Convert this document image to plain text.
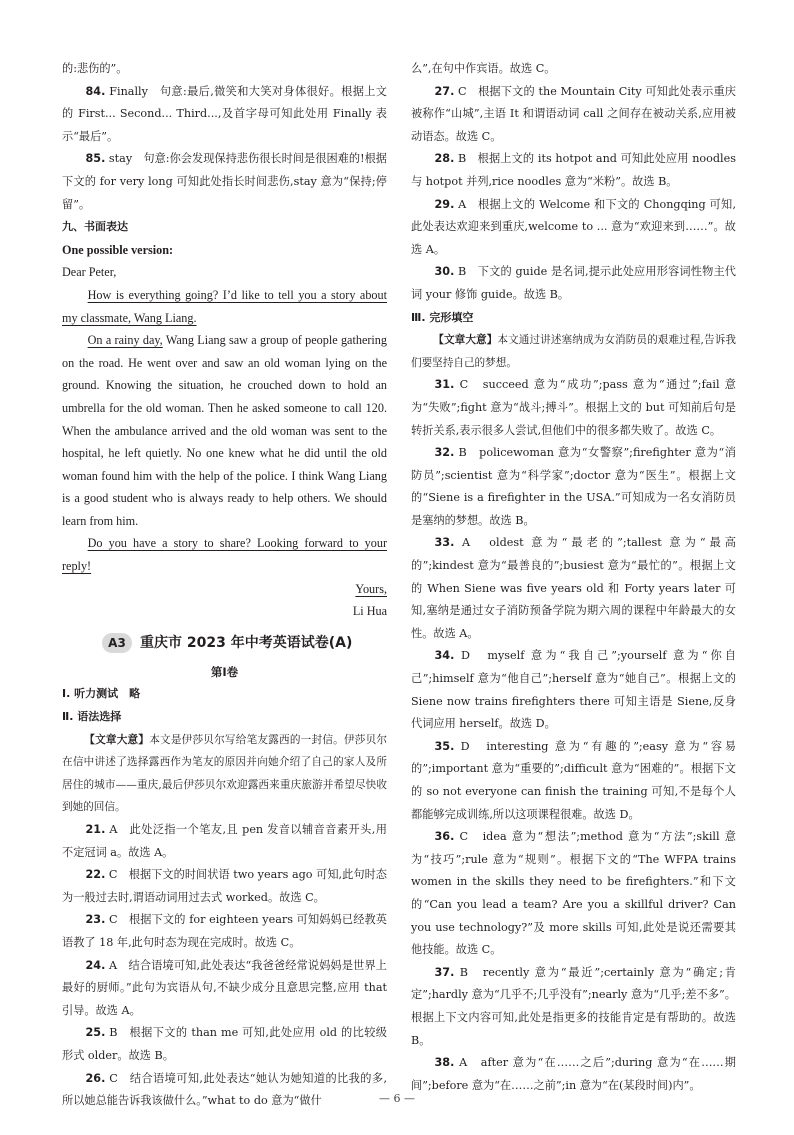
的:悲伤的”。

84. Finally　句意:最后,微笑和大笑对身体很好。根据上文的 First... Second... Third...,及首字母可知此处用 Finally 表示“最后”。

85. stay　句意:你会发现保持悲伤很长时间是很困难的!根据下文的 for very long 可知此处指长时间悲伤,stay 意为“保持;停留”。

九、书面表达

One possible version:

Dear Peter,

How is everything going? I’d like to tell you a story about my classmate, Wang Liang.

On a rainy day, Wang Liang saw a group of people gathering on the road. He went over and saw an old woman lying on the ground. Knowing the situation, he crouched down to hold an umbrella for the old woman. Then he asked someone to call 120. When the ambulance arrived and the old woman was sent to the hospital, he left quietly. No one knew what he did until the old woman found him with the help of the police. I think Wang Liang is a good student who is always ready to help others. We should learn from him.

Do you have a story to share? Looking forward to your reply!

Yours,

Li Hua

A3	重庆市 2023 年中考英语试卷(A)

第Ⅰ卷

Ⅰ. 听力测试　略

Ⅱ. 语法选择

【文章大意】本文是伊莎贝尔写给笔友露西的一封信。伊莎贝尔在信中讲述了选择露西作为笔友的原因并向她介绍了自己的家人及所居住的城市——重庆,最后伊莎贝尔欢迎露西来重庆旅游并希望尽快收到她的回信。

21. A　此处泛指一个笔友,且 pen 发音以辅音音素开头,用不定冠词 a。故选 A。

22. C　根据下文的时间状语 two years ago 可知,此句时态为一般过去时,谓语动词用过去式 worked。故选 C。

23. C　根据下文的 for eighteen years 可知妈妈已经教英语教了 18 年,此句时态为现在完成时。故选 C。

24. A　结合语境可知,此处表达“我爸爸经常说妈妈是世界上最好的厨师。”此句为宾语从句,不缺少成分且意思完整,应用 that 引导。故选 A。

25. B　根据下文的 than me 可知,此处应用 old 的比较级形式 older。故选 B。

26. C　结合语境可知,此处表达“她认为她知道的比我的多,所以她总能告诉我该做什么。”what to do 意为“做什

么”,在句中作宾语。故选 C。

27. C　根据下文的 the Mountain City 可知此处表示重庆被称作“山城”,主语 It 和谓语动词 call 之间存在被动关系,应用被动语态。故选 C。

28. B　根据上文的 its hotpot and 可知此处应用 noodles 与 hotpot 并列,rice noodles 意为“米粉”。故选 B。

29. A　根据上文的 Welcome 和下文的 Chongqing 可知,此处表达欢迎来到重庆,welcome to ... 意为“欢迎来到……”。故选 A。

30. B　下文的 guide 是名词,提示此处应用形容词性物主代词 your 修饰 guide。故选 B。

Ⅲ. 完形填空

【文章大意】本文通过讲述塞纳成为女消防员的艰难过程,告诉我们要坚持自己的梦想。

31. C　succeed 意为“成功”;pass 意为“通过”;fail 意为“失败”;fight 意为“战斗;搏斗”。根据上文的 but 可知前后句是转折关系,表示很多人尝试,但他们中的很多都失败了。故选 C。

32. B　policewoman 意为“女警察”;firefighter 意为“消防员”;scientist 意为“科学家”;doctor 意为“医生”。根据上文的“Siene is a firefighter in the USA.”可知成为一名女消防员是塞纳的梦想。故选 B。

33. A　oldest 意为“最老的”;tallest 意为“最高的”;kindest 意为“最善良的”;busiest 意为“最忙的”。根据上文的 When Siene was five years old 和 Forty years later 可知,塞纳是通过女子消防预备学院为期六周的课程中年龄最大的女性。故选 A。

34. D　myself 意为“我自己”;yourself 意为“你自己”;himself 意为“他自己”;herself 意为“她自己”。根据上文的 Siene now trains firefighters there 可知主语是 Siene,反身代词应用 herself。故选 D。

35. D　interesting 意为“有趣的”;easy 意为“容易的”;important 意为“重要的”;difficult 意为“困难的”。根据下文的 so not everyone can finish the training 可知,不是每个人都能够完成训练,所以这项课程很难。故选 D。

36. C　idea 意为“想法”;method 意为“方法”;skill 意为“技巧”;rule 意为“规则”。根据下文的“The WFPA trains women in the skills they need to be firefighters.”和下文的“Can you lead a team? Are you a skillful driver? Can you use technology?”及 more skills 可知,此处是说还需要其他技能。故选 C。

37. B　recently 意为“最近”;certainly 意为“确定;肯定”;hardly 意为“几乎不;几乎没有”;nearly 意为“几乎;差不多”。根据上下文内容可知,此处是指更多的技能肯定是有帮助的。故选 B。

38. A　after 意为“在……之后”;during 意为“在……期间”;before 意为“在……之前”;in 意为“在(某段时间)内”。

— 6 —
